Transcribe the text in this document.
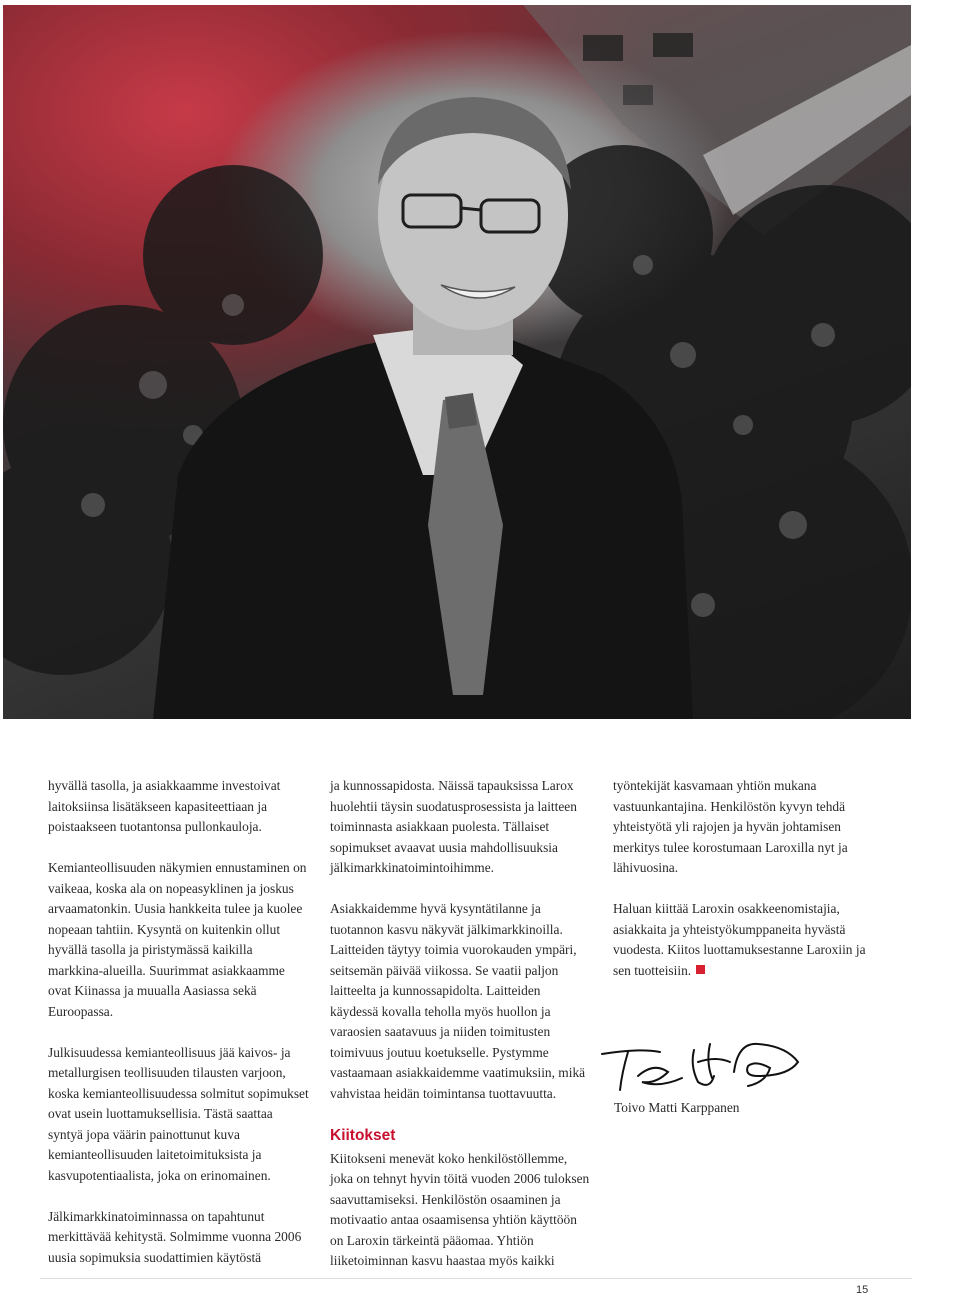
hyvällä tasolla, ja asiakkaamme investoivat laitoksiinsa lisätäkseen kapasiteettiaan ja poistaakseen tuotantonsa pullonkauloja.

Kemianteollisuuden näkymien ennustaminen on vaikeaa, koska ala on nopeasyklinen ja joskus arvaamatonkin. Uusia hankkeita tulee ja kuolee nopeaan tahtiin. Kysyntä on kuitenkin ollut hyvällä tasolla ja piristymässä kaikilla markkina-alueilla. Suurimmat asiakkaamme ovat Kiinassa ja muualla Aasiassa sekä Euroopassa.

Julkisuudessa kemianteollisuus jää kaivos- ja metallurgisen teollisuuden tilausten varjoon, koska kemianteollisuudessa solmitut sopimukset ovat usein luottamuksellisia. Tästä saattaa syntyä jopa väärin painottunut kuva kemianteollisuuden laitetoimituksista ja kasvupotentiaalista, joka on erinomainen.

Jälkimarkkinatoiminnassa on tapahtunut merkittävää kehitystä. Solmimme vuonna 2006 uusia sopimuksia suodattimien käytöstä

ja kunnossapidosta. Näissä tapauksissa Larox huolehtii täysin suodatusprosessista ja laitteen toiminnasta asiakkaan puolesta. Tällaiset sopimukset avaavat uusia mahdollisuuksia jälkimarkkinatoimintoihimme.

Asiakkaidemme hyvä kysyntätilanne ja tuotannon kasvu näkyvät jälkimarkkinoilla. Laitteiden täytyy toimia vuorokauden ympäri, seitsemän päivää viikossa. Se vaatii paljon laitteelta ja kunnossapidolta. Laitteiden käydessä kovalla teholla myös huollon ja varaosien saatavuus ja niiden toimitusten toimivuus joutuu koetukselle. Pystymme vastaamaan asiakkaidemme vaatimuksiin, mikä vahvistaa heidän toimintansa tuottavuutta.

Kiitokset

Kiitokseni menevät koko henkilöstöllemme, joka on tehnyt hyvin töitä vuoden 2006 tuloksen saavuttamiseksi. Henkilöstön osaaminen ja motivaatio antaa osaamisensa yhtiön käyttöön on Laroxin tärkeintä pääomaa. Yhtiön liiketoiminnan kasvu haastaa myös kaikki

työntekijät kasvamaan yhtiön mukana vastuunkantajina. Henkilöstön kyvyn tehdä yhteistyötä yli rajojen ja hyvän johtamisen merkitys tulee korostumaan Laroxilla nyt ja lähivuosina.

Haluan kiittää Laroxin osakkeenomistajia, asiakkaita ja yhteistyökumppaneita hyvästä vuodesta. Kiitos luottamuksestanne Laroxiin ja sen tuotteisiin.

Toivo Matti Karppanen
15
